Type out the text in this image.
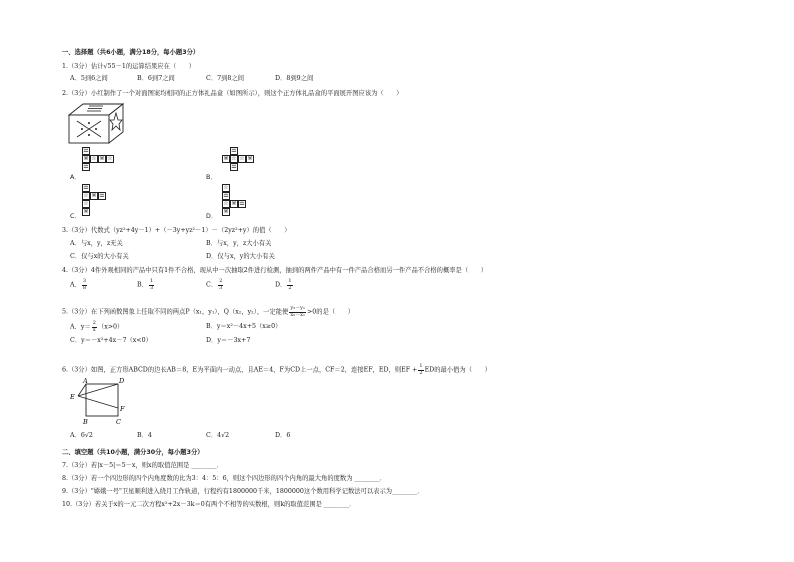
一、选择题（共6小题，满分18分，每小题3分）
1.（3分）估计√55－1的运算结果应在（　　）
A．5到6之间	B．6到7之间	C．7到8之间	D．8到9之间
2.（3分）小红制作了一个对面图案均相同的正方体礼品盒（如图所示），则这个正方体礼品盒的平面展开图应该为（　　）
☰
※ ☆ ※ ☆
☰
A．
☰
※ ☆ ☆ ※
☰
B．
☰
☆ ※ ☰
☆
※
C．
☆
☰
☆ ※ ☰
※
D．
3.（3分）代数式（yz²+4y－1）+（－3y+yz²－1）－（2yz²+y）的值（　　）
A．与x，y，z无关	B．与x，y，z大小有关
C．仅与x的大小有关	D．仅与x，y的大小有关
4.（3分）4件外观相同的产品中只有1件不合格，现从中一次抽取2件进行检测，抽到的两件产品中有一件产品合格而另一件产品不合格的概率是（　　）
A． $\frac{3}{8}$	B． $\frac{1}{3}$	C． $\frac{2}{3}$	D． $\frac{1}{2}$
5.（3分）在下列函数图象上任取不同的两点P（x₁，y₁），Q（x₂，y₂），一定能使 $\frac{\text{y₂－y₁}}{\text{x₂－x₁}} >0$的是（　　）
A．$y= \frac{2}{x} (x>0)$	B．y＝x²－4x+5（x≥0）
C．y＝－x²+4x－7（x<0）	D．y＝－3x+7
6.（3分）如图，正方形ABCD的边长AB＝8，E为平面内一动点，且AE＝4，F为CD上一点，CF＝2，连接EF，ED，则EF + $\frac{1}{2}$ ED的最小值为（　　）
A	D
E
F
B	C
A．6√2	B．4	C．4√2	D．6
二、填空题（共10小题，满分30分，每小题3分）
7.（3分）若|x－5|＝5－x，则x的取值范围是 ________．
8.（3分）若一个四边形的四个内角度数的比为3：4：5：6，则这个四边形的四个内角的最大角的度数为 ________．
9.（3分）"嫦娥一号"卫星顺利进入绕月工作轨道，行程约有1800000千米，1800000这个数用科学记数法可以表示为________．
10.（3分）若关于x的一元二次方程x²+2x－3k＝0有两个不相等的实数根，则k的取值范围是 ________．
